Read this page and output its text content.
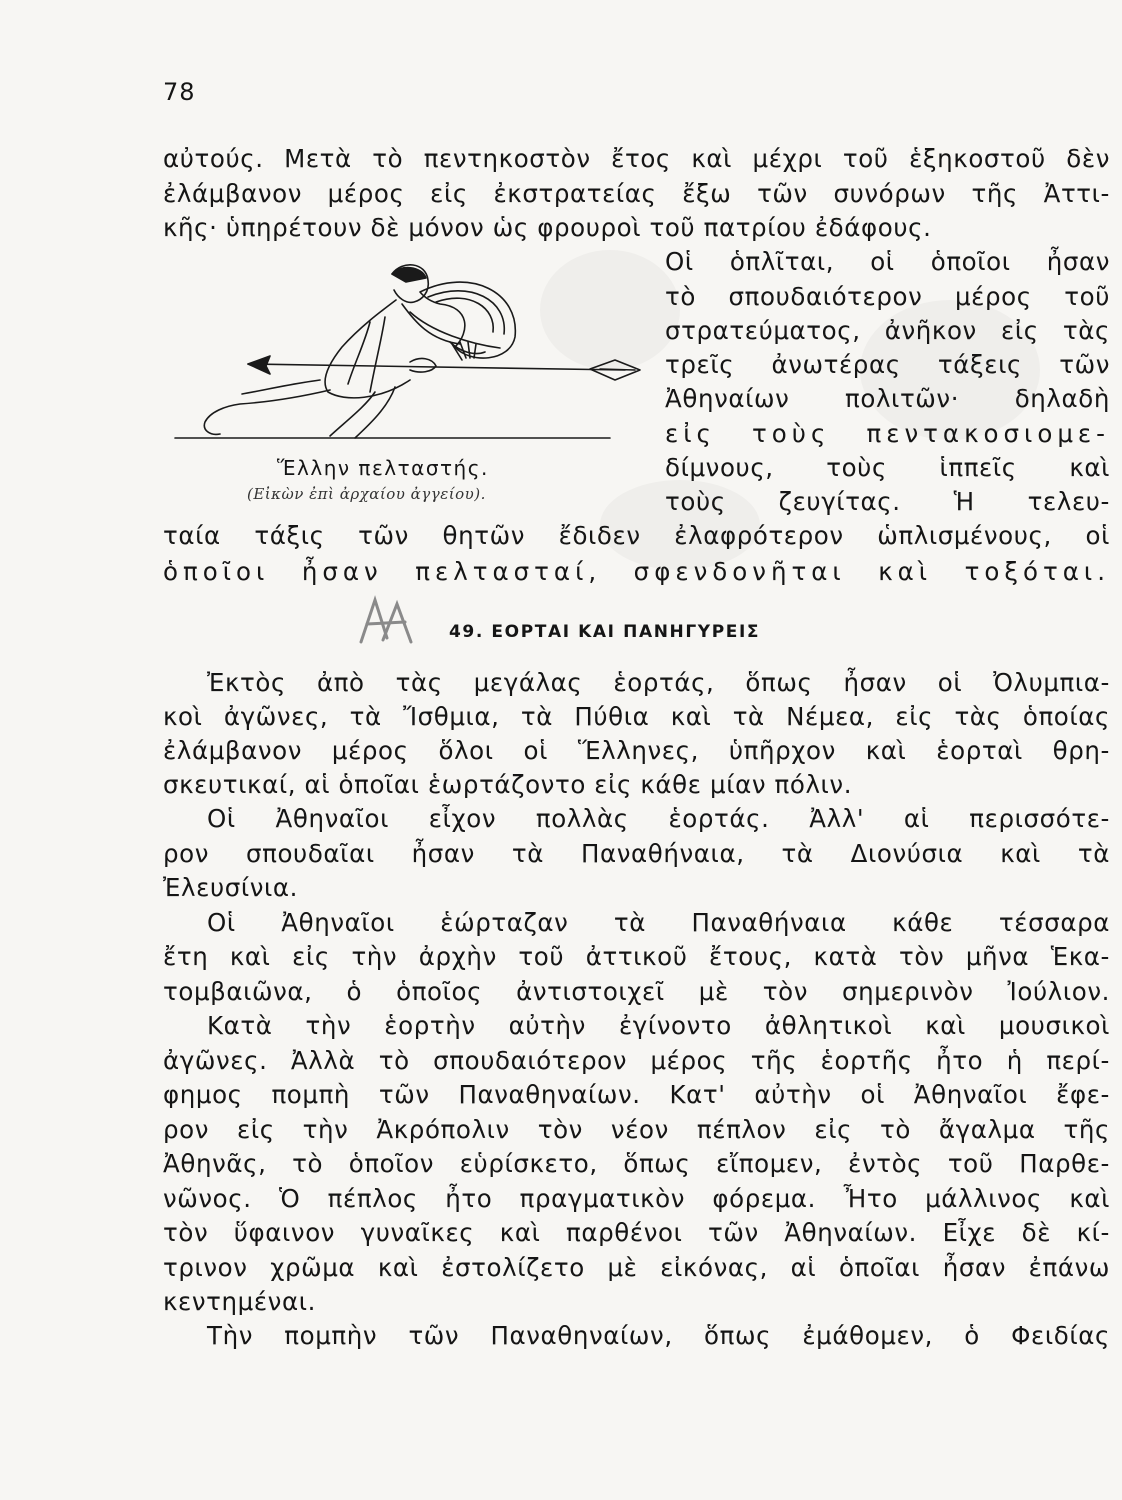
78
αὐτούς. Μετὰ τὸ πεντηκοστὸν ἔτος καὶ μέχρι τοῦ ἑξηκοστοῦ δὲν
ἐλάμβανον μέρος εἰς ἐκστρατείας ἔξω τῶν συνόρων τῆς Ἀττι-
κῆς· ὑπηρέτουν δὲ μόνον ὡς φρουροὶ τοῦ πατρίου ἐδάφους.
Οἱ ὁπλῖται, οἱ ὁποῖοι ἦσαν
τὸ σπουδαιότερον μέρος τοῦ
στρατεύματος, ἀνῆκον εἰς τὰς
τρεῖς ἀνωτέρας τάξεις τῶν
Ἀθηναίων πολιτῶν· δηλαδὴ
εἰς τοὺς πεντακοσιομε-
δίμνους, τοὺς ἱππεῖς καὶ
τοὺς ζευγίτας. Ἡ τελευ-
Ἕλλην πελταστής.
(Εἰκὼν ἐπὶ ἀρχαίου ἀγγείου).
ταία τάξις τῶν θητῶν ἔδιδεν ἐλαφρότερον ὡπλισμένους, οἱ
ὁποῖοι ἦσαν πελτασταί, σφενδονῆται καὶ τοξόται.
49. ΕΟΡΤΑΙ ΚΑΙ ΠΑΝΗΓΥΡΕΙΣ
Ἐκτὸς ἀπὸ τὰς μεγάλας ἑορτάς, ὅπως ἦσαν οἱ Ὀλυμπια-
κοὶ ἀγῶνες, τὰ Ἴσθμια, τὰ Πύθια καὶ τὰ Νέμεα, εἰς τὰς ὁποίας
ἐλάμβανον μέρος ὅλοι οἱ Ἕλληνες, ὑπῆρχον καὶ ἑορταὶ θρη-
σκευτικαί, αἱ ὁποῖαι ἑωρτάζοντο εἰς κάθε μίαν πόλιν.
Οἱ Ἀθηναῖοι εἶχον πολλὰς ἑορτάς. Ἀλλ' αἱ περισσότε-
ρον σπουδαῖαι ἦσαν τὰ Παναθήναια, τὰ Διονύσια καὶ τὰ
Ἐλευσίνια.
Οἱ Ἀθηναῖοι ἑώρταζαν τὰ Παναθήναια κάθε τέσσαρα
ἔτη καὶ εἰς τὴν ἀρχὴν τοῦ ἀττικοῦ ἔτους, κατὰ τὸν μῆνα Ἑκα-
τομβαιῶνα, ὁ ὁποῖος ἀντιστοιχεῖ μὲ τὸν σημερινὸν Ἰούλιον.
Κατὰ τὴν ἑορτὴν αὐτὴν ἐγίνοντο ἀθλητικοὶ καὶ μουσικοὶ
ἀγῶνες. Ἀλλὰ τὸ σπουδαιότερον μέρος τῆς ἑορτῆς ἦτο ἡ περί-
φημος πομπὴ τῶν Παναθηναίων. Κατ' αὐτὴν οἱ Ἀθηναῖοι ἔφε-
ρον εἰς τὴν Ἀκρόπολιν τὸν νέον πέπλον εἰς τὸ ἄγαλμα τῆς
Ἀθηνᾶς, τὸ ὁποῖον εὑρίσκετο, ὅπως εἴπομεν, ἐντὸς τοῦ Παρθε-
νῶνος. Ὁ πέπλος ἦτο πραγματικὸν φόρεμα. Ἦτο μάλλινος καὶ
τὸν ὕφαινον γυναῖκες καὶ παρθένοι τῶν Ἀθηναίων. Εἶχε δὲ κί-
τρινον χρῶμα καὶ ἐστολίζετο μὲ εἰκόνας, αἱ ὁποῖαι ἦσαν ἐπάνω
κεντημέναι.
Τὴν πομπὴν τῶν Παναθηναίων, ὅπως ἐμάθομεν, ὁ Φειδίας
